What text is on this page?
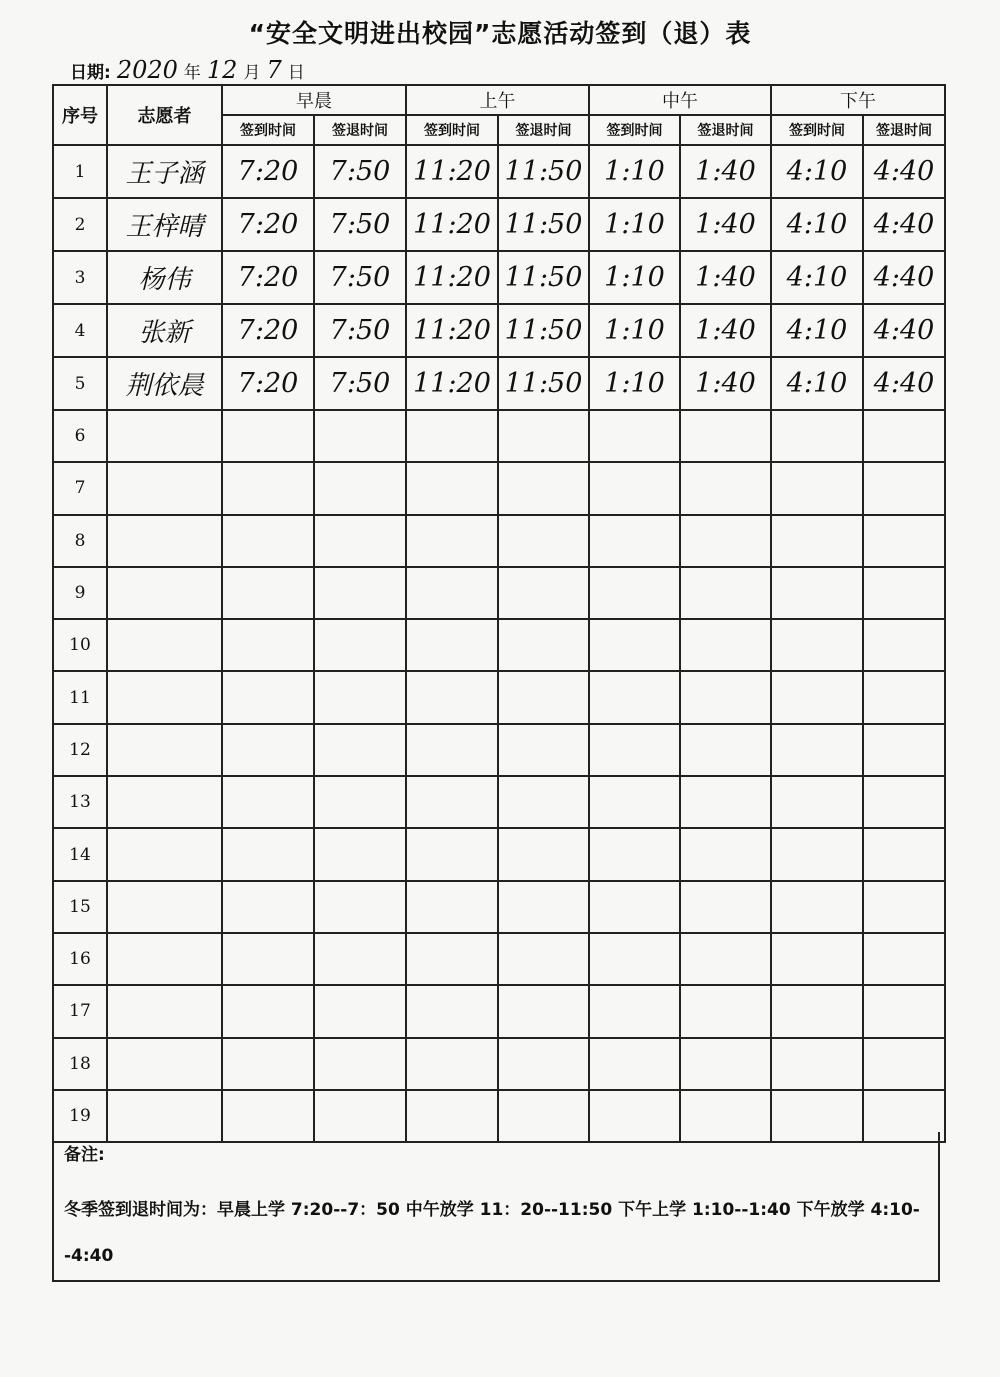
“安全文明进出校园”志愿活动签到（退）表
日期: 2020 年 12 月 7 日
序号	志愿者	早晨		上午		中午		下午	
		签到时间	签退时间	签到时间	签退时间	签到时间	签退时间	签到时间	签退时间
1	王子涵	7:20	7:50	11:20	11:50	1:10	1:40	4:10	4:40
2	王梓晴	7:20	7:50	11:20	11:50	1:10	1:40	4:10	4:40
3	杨伟	7:20	7:50	11:20	11:50	1:10	1:40	4:10	4:40
4	张新	7:20	7:50	11:20	11:50	1:10	1:40	4:10	4:40
5	荆依晨	7:20	7:50	11:20	11:50	1:10	1:40	4:10	4:40
6									
7									
8									
9									
10									
11									
12									
13									
14									
15									
16									
17									
18									
19									
备注:
冬季签到退时间为：早晨上学 7:20--7：50 中午放学 11：20--11:50 下午上学 1:10--1:40 下午放学 4:10--4:40
